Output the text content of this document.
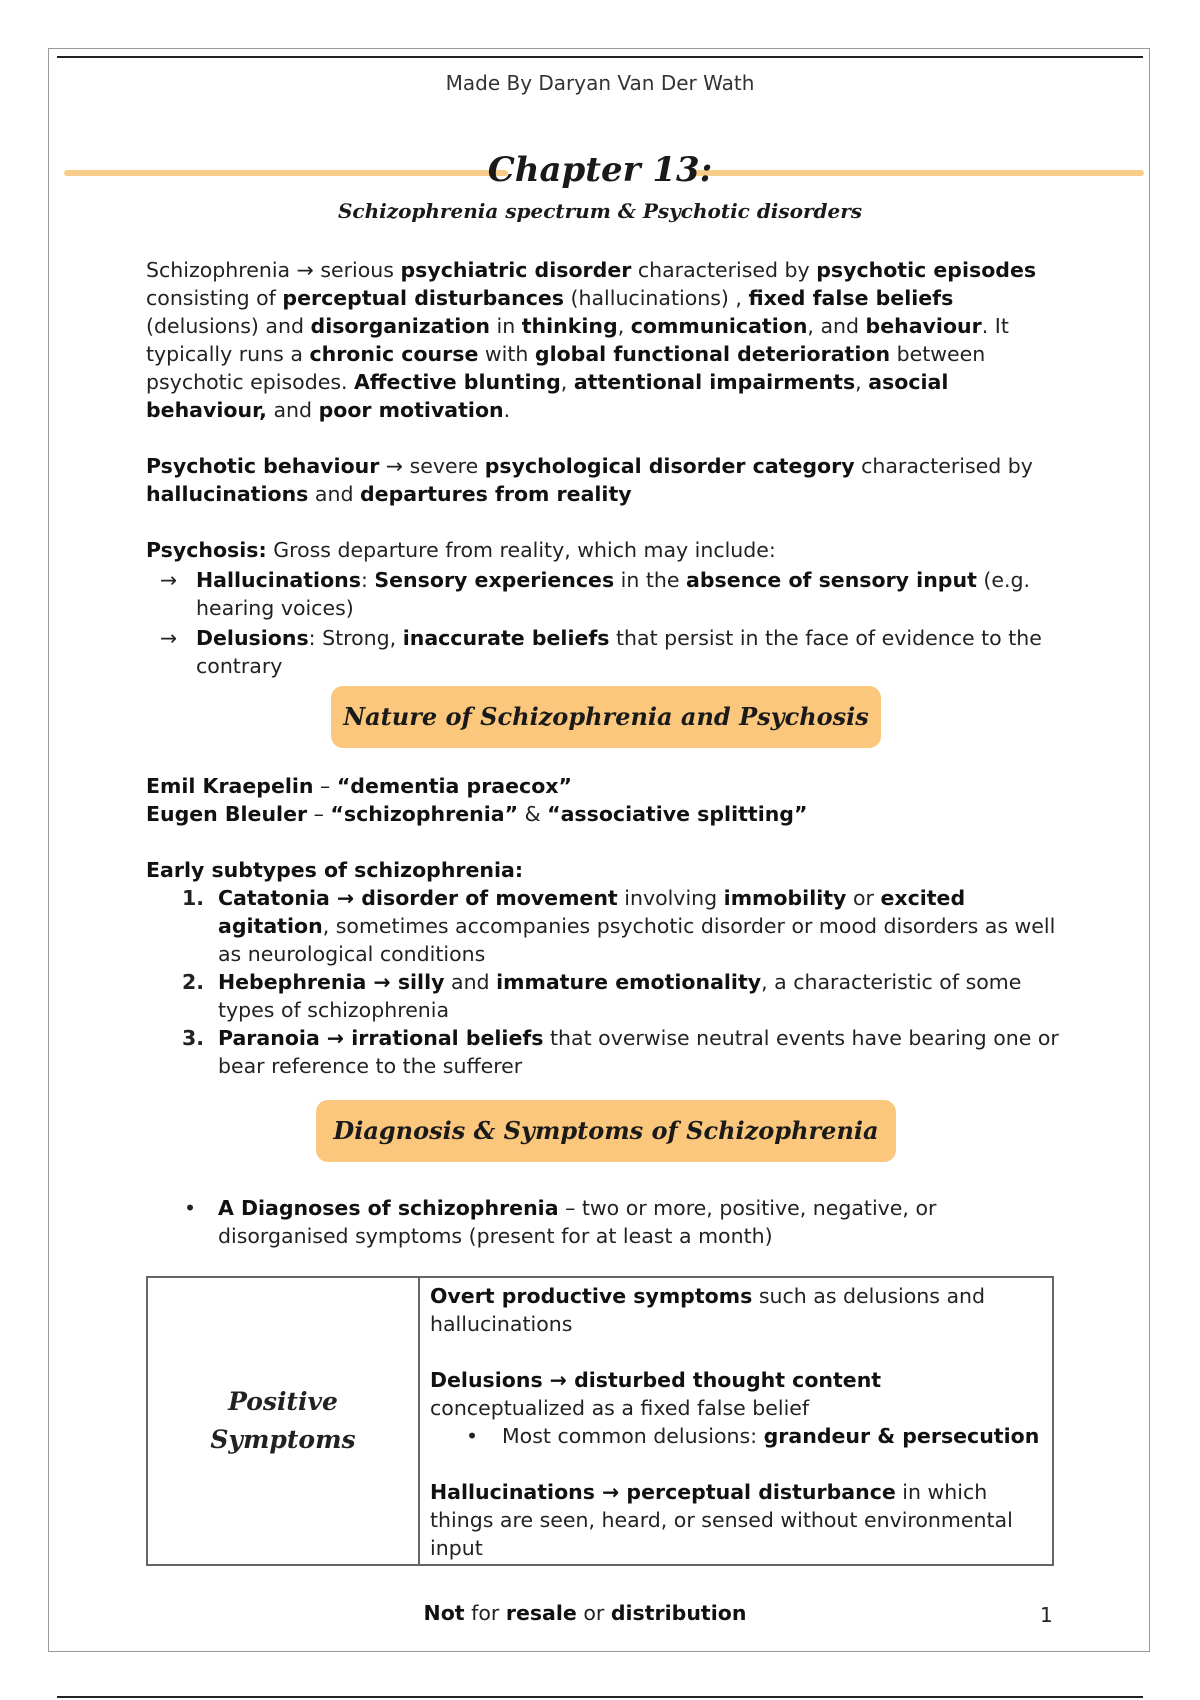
Made By Daryan Van Der Wath
Chapter 13:
Schizophrenia spectrum & Psychotic disorders

Schizophrenia → serious psychiatric disorder characterised by psychotic episodes consisting of perceptual disturbances (hallucinations) , fixed false beliefs (delusions) and disorganization in thinking, communication, and behaviour. It typically runs a chronic course with global functional deterioration between psychotic episodes. Affective blunting, attentional impairments, asocial behaviour, and poor motivation.

Psychotic behaviour → severe psychological disorder category characterised by hallucinations and departures from reality

Psychosis: Gross departure from reality, which may include:
→ Hallucinations: Sensory experiences in the absence of sensory input (e.g. hearing voices)
→ Delusions: Strong, inaccurate beliefs that persist in the face of evidence to the contrary
Nature of Schizophrenia and Psychosis

Emil Kraepelin – “dementia praecox”
Eugen Bleuler – “schizophrenia” & “associative splitting”

Early subtypes of schizophrenia:
1. Catatonia → disorder of movement involving immobility or excited agitation, sometimes accompanies psychotic disorder or mood disorders as well as neurological conditions
2. Hebephrenia → silly and immature emotionality, a characteristic of some types of schizophrenia
3. Paranoia → irrational beliefs that overwise neutral events have bearing one or bear reference to the sufferer
Diagnosis & Symptoms of Schizophrenia
• A Diagnoses of schizophrenia – two or more, positive, negative, or disorganised symptoms (present for at least a month)
Positive
Symptoms	

Overt productive symptoms such as delusions and hallucinations

Delusions → disturbed thought content conceptualized as a fixed false belief
• Most common delusions: grandeur & persecution

Hallucinations → perceptual disturbance in which things are seen, heard, or sensed without environmental input

Not for resale or distribution	1
